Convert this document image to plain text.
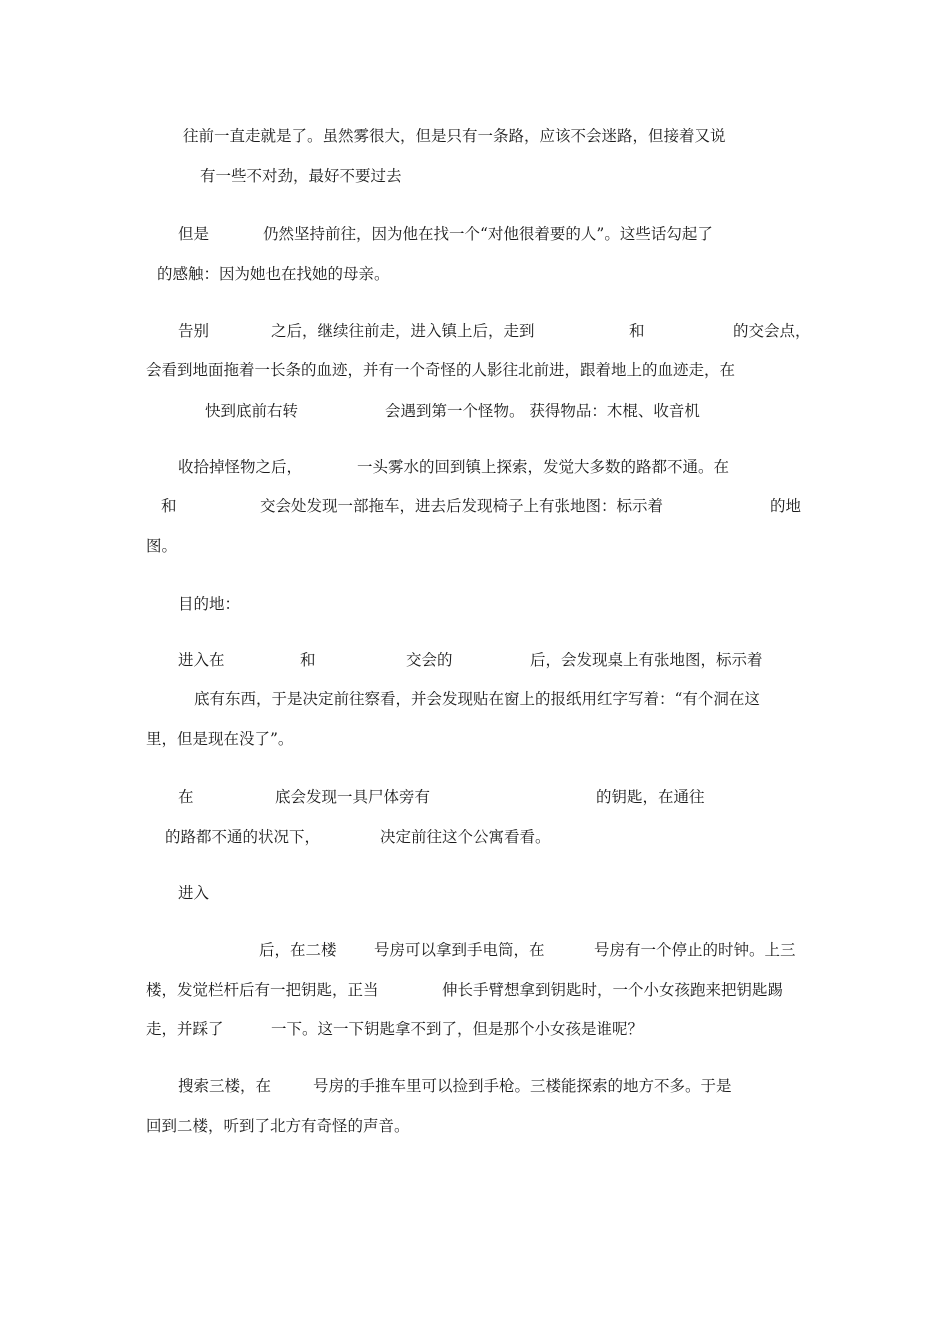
往前一直走就是了。虽然雾很大，但是只有一条路，应该不会迷路，但接着又说
有一些不对劲，最好不要过去
但是	仍然坚持前往，因为他在找一个“对他很着要的人”。这些话勾起了
的感触：因为她也在找她的母亲。
告别	之后，继续往前走，进入镇上后，走到	和	的交会点，
会看到地面拖着一长条的血迹，并有一个奇怪的人影往北前进，跟着地上的血迹走，在
快到底前右转	会遇到第一个怪物。 获得物品：木棍、收音机
收拾掉怪物之后，	一头雾水的回到镇上探索，发觉大多数的路都不通。在
和	交会处发现一部拖车，进去后发现椅子上有张地图：标示着	的地
图。
目的地：
进入在	和	交会的	后，会发现桌上有张地图，标示着
底有东西，于是决定前往察看，并会发现贴在窗上的报纸用红字写着：“有个洞在这
里，但是现在没了”。
在	底会发现一具尸体旁有	的钥匙，在通往
的路都不通的状况下，	决定前往这个公寓看看。
进入
后，在二楼 号房可以拿到手电筒，在	号房有一个停止的时钟。上三
楼，发觉栏杆后有一把钥匙，正当	伸长手臂想拿到钥匙时，一个小女孩跑来把钥匙踢
走，并踩了	一下。这一下钥匙拿不到了，但是那个小女孩是谁呢？
搜索三楼，在	号房的手推车里可以捡到手枪。三楼能探索的地方不多。于是
回到二楼，听到了北方有奇怪的声音。
